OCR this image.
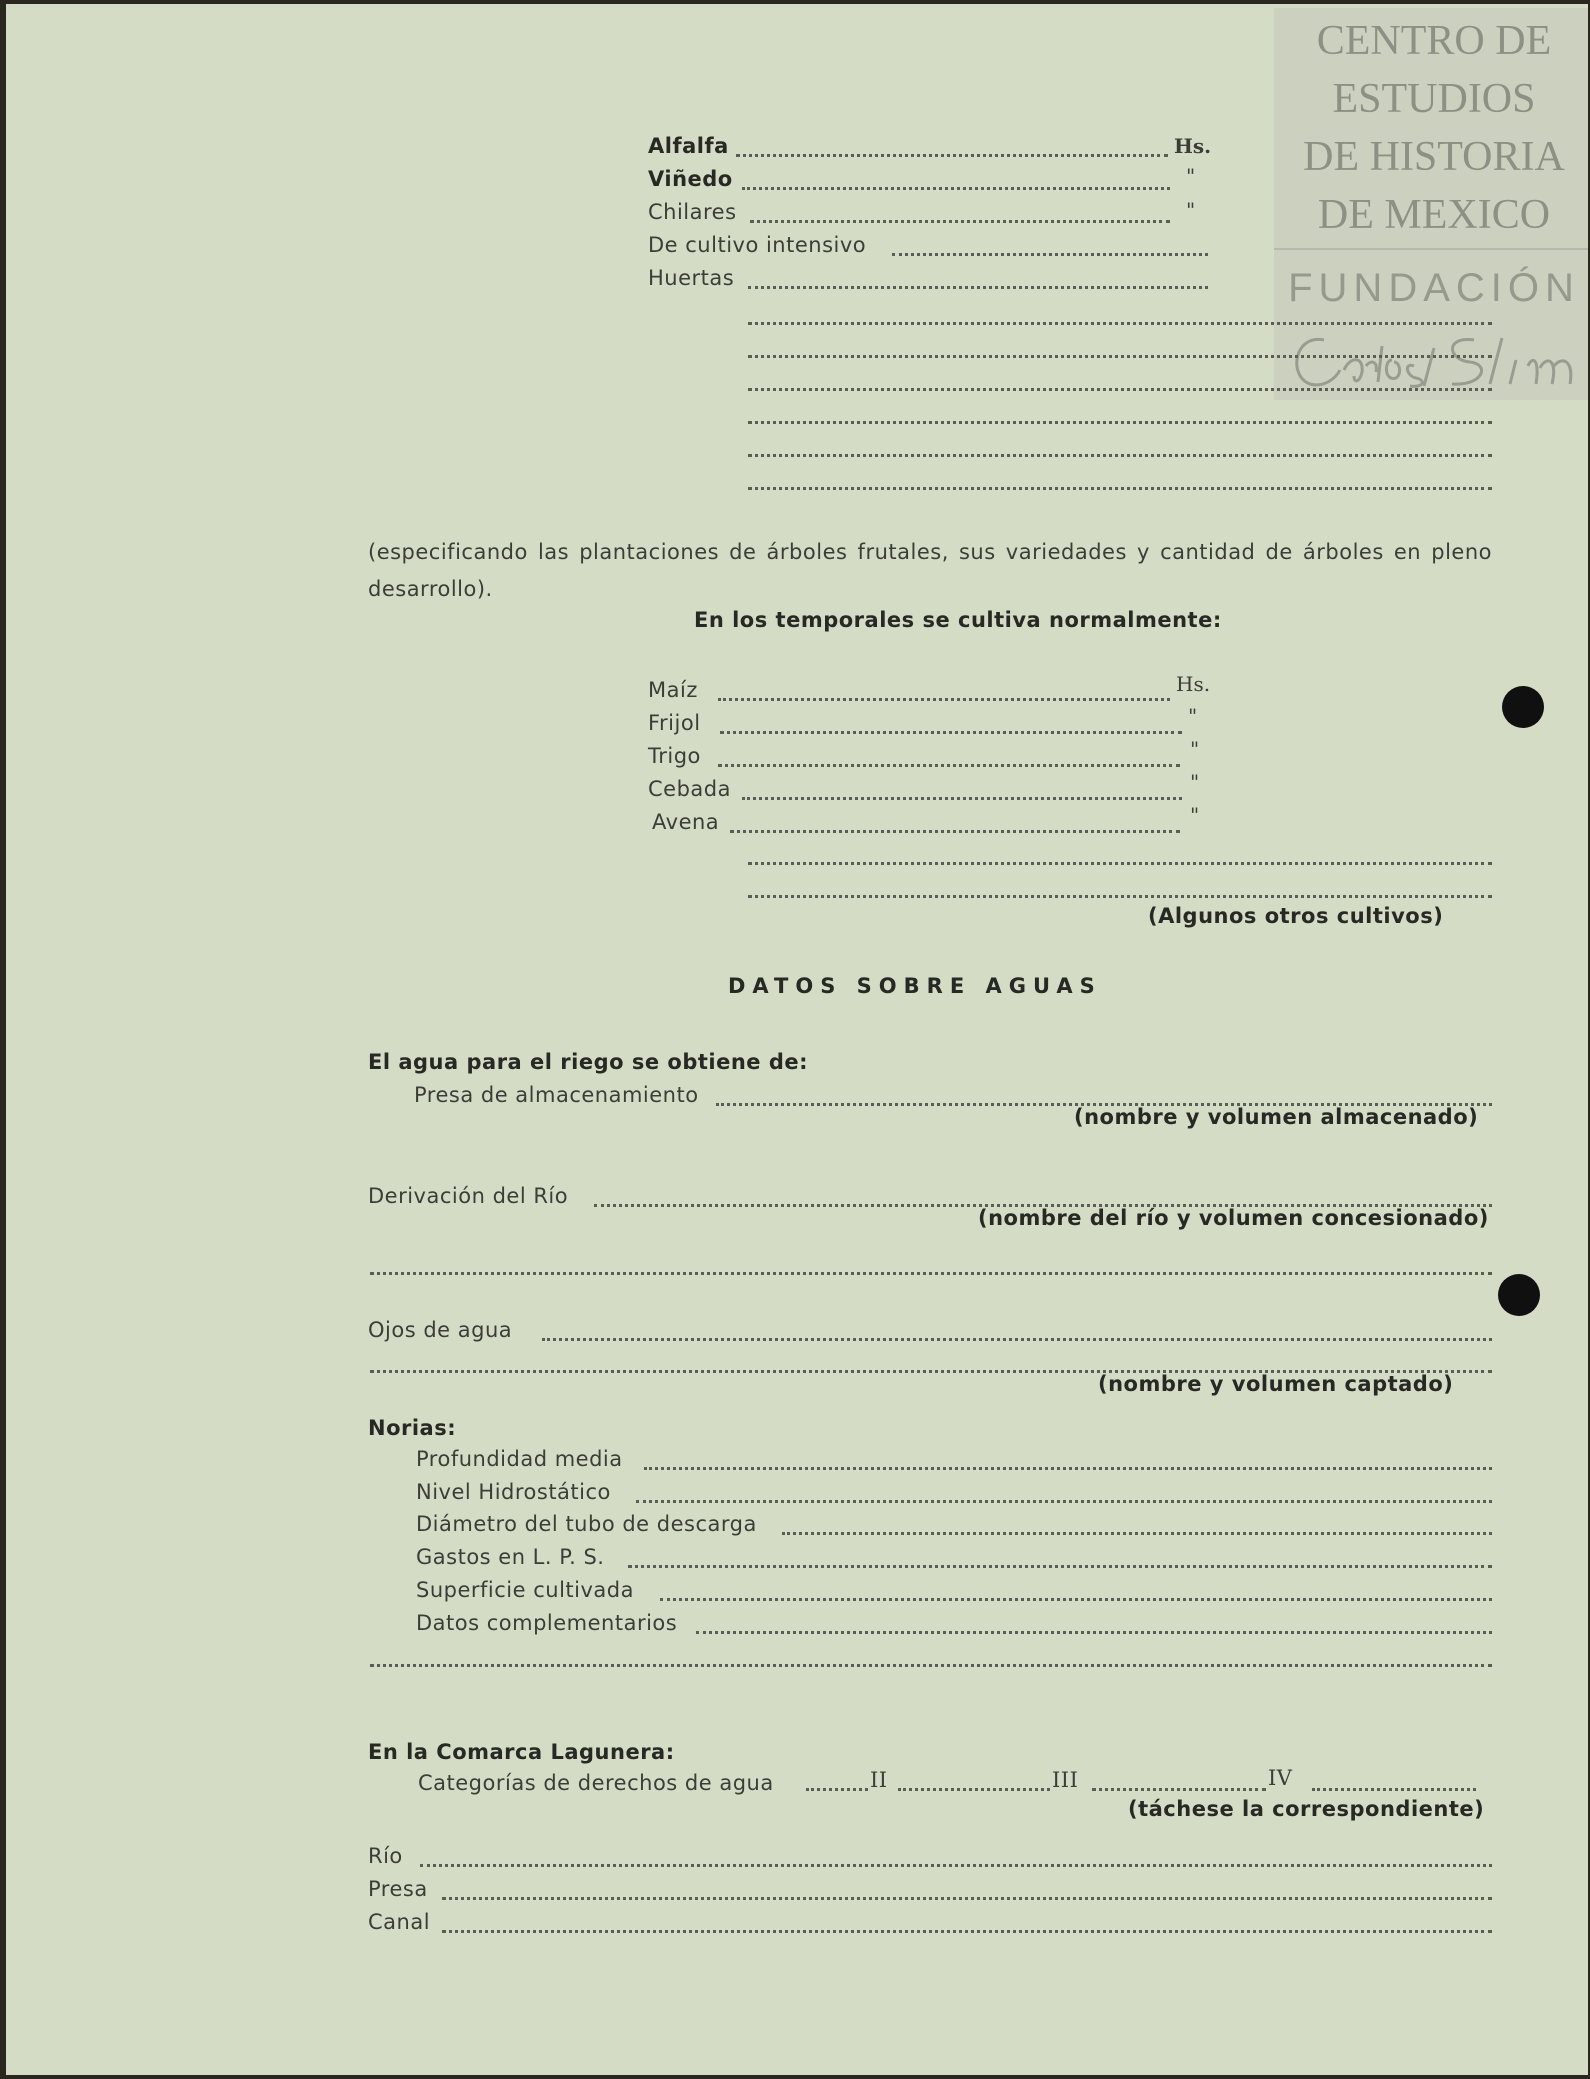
CENTRO DE
ESTUDIOS
DE HISTORIA
DE MEXICO
FUNDACIÓN
Alfalfa	Hs.
Viñedo	"
Chilares	"
De cultivo intensivo
Huertas
(especificando las plantaciones de árboles frutales, sus variedades y cantidad de árboles en pleno desarrollo).
En los temporales se cultiva normalmente:
Maíz	Hs.
Frijol	"
Trigo	"
Cebada	"
Avena	"
(Algunos otros cultivos)
DATOS SOBRE AGUAS
El agua para el riego se obtiene de:
Presa de almacenamiento
(nombre y volumen almacenado)
Derivación del Río
(nombre del río y volumen concesionado)
Ojos de agua
(nombre y volumen captado)
Norias:
Profundidad media
Nivel Hidrostático
Diámetro del tubo de descarga
Gastos en L. P. S.
Superficie cultivada
Datos complementarios
En la Comarca Lagunera:
Categorías de derechos de agua	II	III	IV
(táchese la correspondiente)
Río
Presa
Canal
